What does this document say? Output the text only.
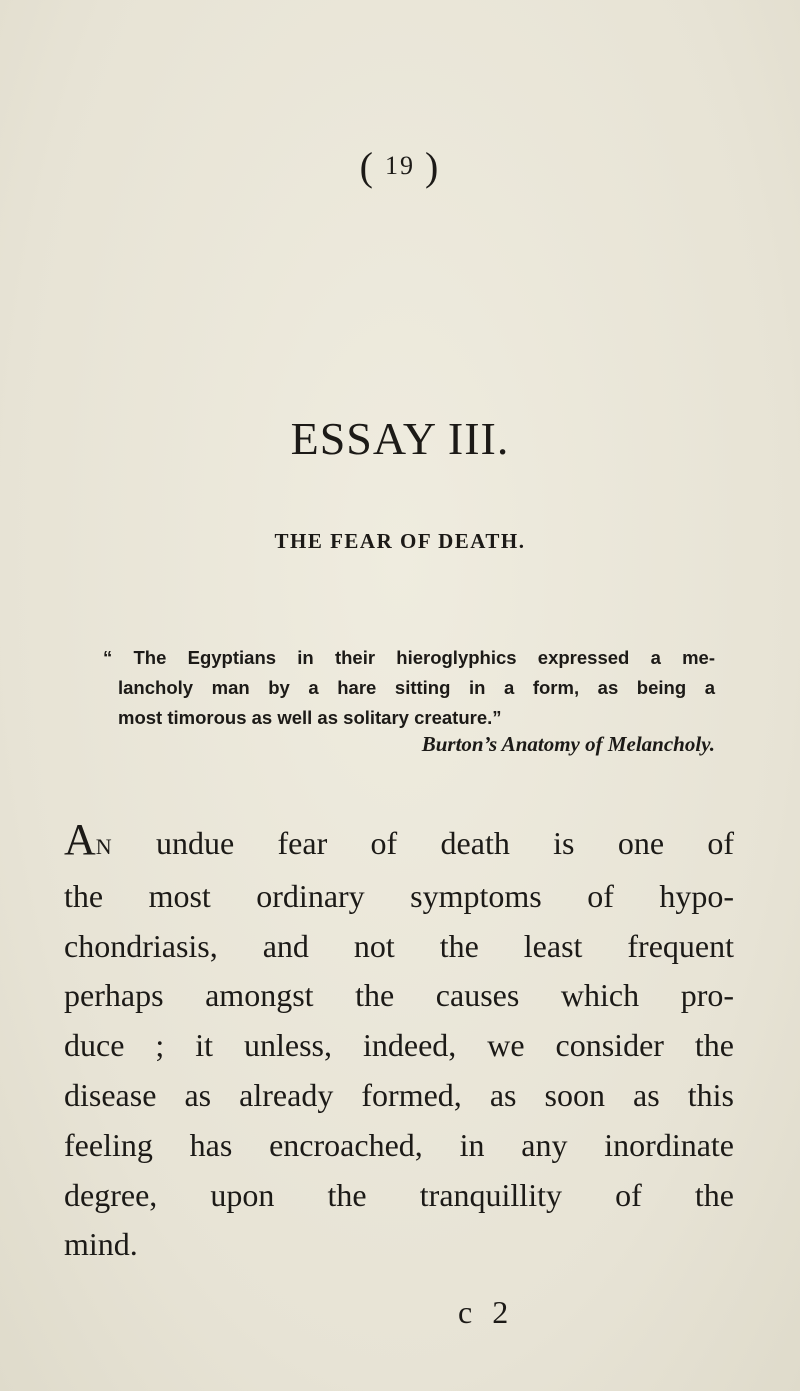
( 19 )
ESSAY III.
THE FEAR OF DEATH.
“ The Egyptians in their hieroglyphics expressed a me-
lancholy man by a hare sitting in a form, as being a
most timorous as well as solitary creature.”
Burton’s Anatomy of Melancholy.
AN undue fear of death is one of
the most ordinary symptoms of hypo-
chondriasis, and not the least frequent
perhaps amongst the causes which pro-
duce ; it unless, indeed, we consider the
disease as already formed, as soon as this
feeling has encroached, in any inordinate
degree, upon the tranquillity of the
mind.
c 2
